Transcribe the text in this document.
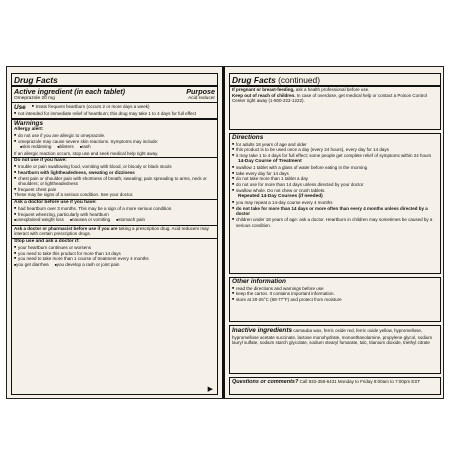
Drug Facts
Active ingredient (in each tablet)	Purpose
Omeprazole 20 mg	Acid reducer
Use	■ treats frequent heartburn (occurs 2 or more days a week)
■ not intended for immediate relief of heartburn; this drug may take 1 to 4 days for full effect
Warnings
Allergy alert:
■ do not use if you are allergic to omeprazole.
■ omeprazole may cause severe skin reactions. Symptoms may include:
■ skin reddening	■ blisters	■ rash
If an allergic reaction occurs, stop use and seek medical help right away.
Do not use if you have:
■ trouble or pain swallowing food, vomiting with blood, or bloody or black stools
■ heartburn with lightheadedness, sweating or dizziness
■ chest pain or shoulder pain with shortness of breath; sweating; pain spreading to arms, neck or shoulders; or lightheadedness
■ frequent chest pain
These may be signs of a serious condition. See your doctor.
Ask a doctor before use if you have:
■ had heartburn over 3 months. This may be a sign of a more serious condition.
■ frequent wheezing, particularly with heartburn
■ unexplained weight loss	■ nausea or vomiting	■ stomach pain
Ask a doctor or pharmacist before use if you are taking a prescription drug. Acid reducers may interact with certain prescription drugs.
Stop use and ask a doctor if:
■ your heartburn continues or worsens
■ you need to take this product for more than 14 days
■ you need to take more than 1 course of treatment every 4 months
■ you get diarrhea	■ you develop a rash or joint pain
▶
Drug Facts (continued)
If pregnant or breast-feeding, ask a health professional before use.
Keep out of reach of children. In case of overdose, get medical help or contact a Poison Control Center right away (1-800-222-1222).
Directions
■ for adults 18 years of age and older
■ this product is to be used once a day (every 24 hours), every day for 14 days
■ it may take 1 to 4 days for full effect; some people get complete relief of symptoms within 24 hours
14-Day Course of Treatment
■ swallow 1 tablet with a glass of water before eating in the morning
■ take every day for 14 days
■ do not take more than 1 tablet a day
■ do not use for more than 14 days unless directed by your doctor
■ swallow whole. Do not chew or crush tablets.
Repeated 14-Day Courses (if needed)
■ you may repeat a 14-day course every 4 months
■ do not take for more than 14 days or more often than every 4 months unless directed by a doctor
■ children under 18 years of age: ask a doctor. Heartburn in children may sometimes be caused by a serious condition.
Other information
■ read the directions and warnings before use
■ keep the carton. It contains important information.
■ store at 20-25°C (68-77°F) and protect from moisture
Inactive ingredients carnauba wax, ferric oxide red, ferric oxide yellow, hypromellose, hypromellose acetate succinate, lactose monohydrate, monoethanolamine, propylene glycol, sodium lauryl sulfate, sodium starch glycolate, sodium stearyl fumarate, talc, titanium dioxide, triethyl citrate
Questions or comments? Call 833-358-6431 Monday to Friday 9:00am to 7:00pm EST
